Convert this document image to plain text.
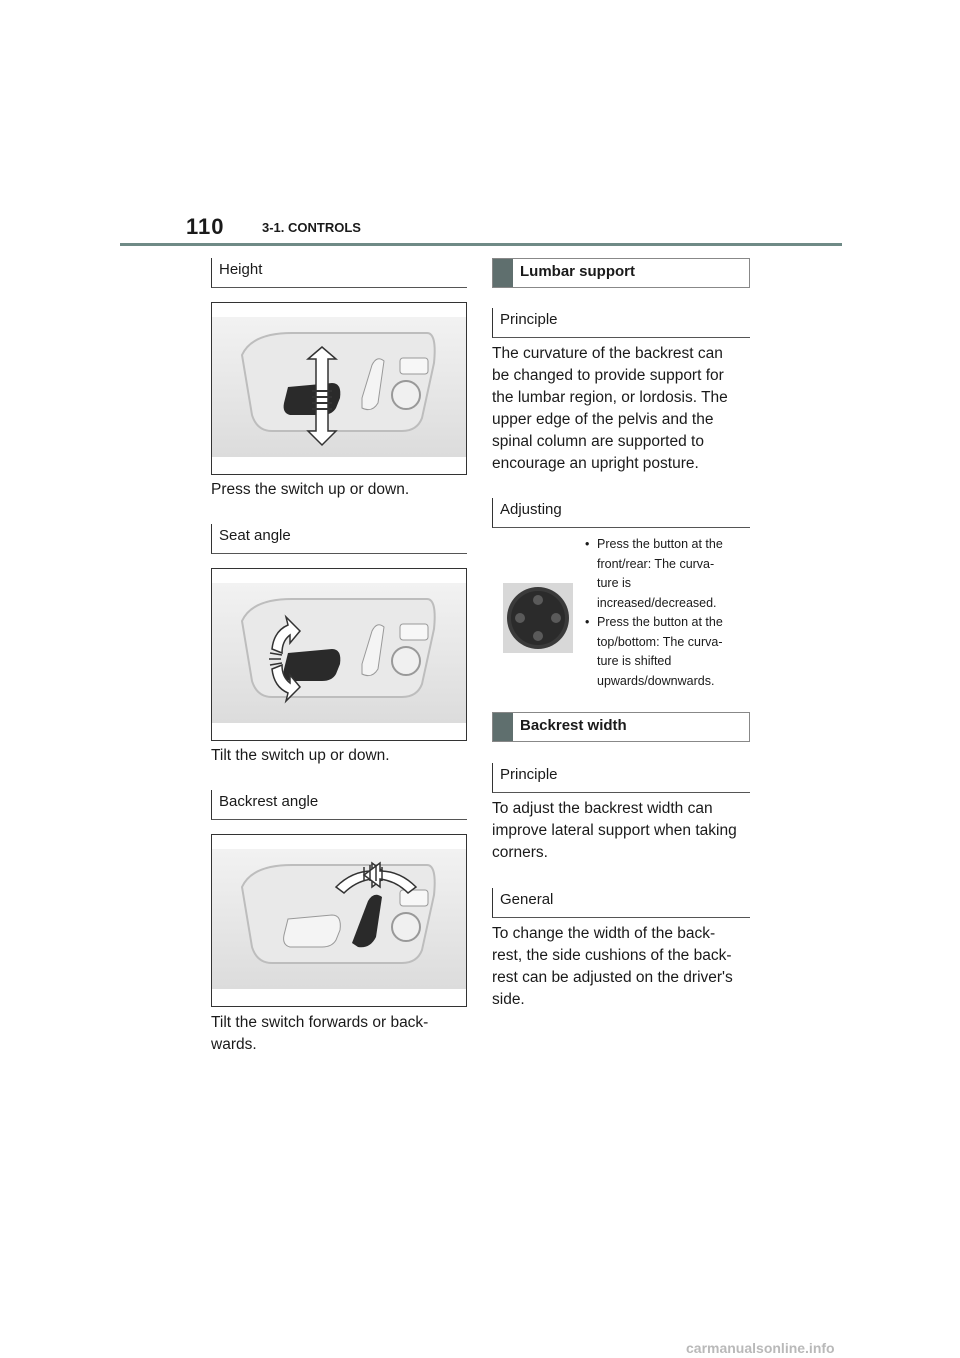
110	3-1. CONTROLS
Height
Press the switch up or down.
Seat angle
Tilt the switch up or down.
Backrest angle
Tilt the switch forwards or back-
wards.
Lumbar support
Principle
The curvature of the backrest can
be changed to provide support for
the lumbar region, or lordosis. The
upper edge of the pelvis and the
spinal column are supported to
encourage an upright posture.
Adjusting
• Press the button at the
front/rear: The curva-
ture is
increased/decreased.
• Press the button at the
top/bottom: The curva-
ture is shifted
upwards/downwards.
Backrest width
Principle
To adjust the backrest width can
improve lateral support when taking
corners.
General
To change the width of the back-
rest, the side cushions of the back-
rest can be adjusted on the driver's
side.
carmanualsonline.info
